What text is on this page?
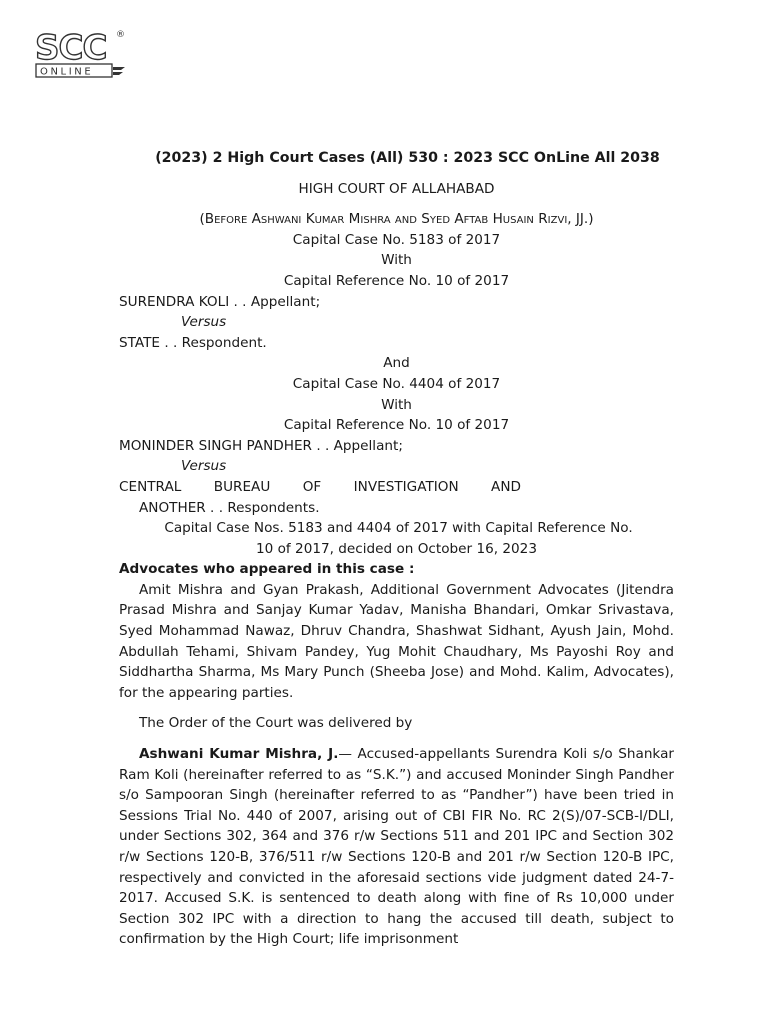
SCC ®
ONLINE
(2023) 2 High Court Cases (All) 530 : 2023 SCC OnLine All 2038
HIGH COURT OF ALLAHABAD
(Before Ashwani Kumar Mishra and Syed Aftab Husain Rizvi, JJ.)
Capital Case No. 5183 of 2017
With
Capital Reference No. 10 of 2017
SURENDRA KOLI . . Appellant;
Versus
STATE . . Respondent.
And
Capital Case No. 4404 of 2017
With
Capital Reference No. 10 of 2017
MONINDER SINGH PANDHER . . Appellant;
Versus
CENTRAL BUREAU OF INVESTIGATION AND
ANOTHER . . Respondents.
Capital Case Nos. 5183 and 4404 of 2017 with Capital Reference No.
10 of 2017, decided on October 16, 2023
Advocates who appeared in this case :
Amit Mishra and Gyan Prakash, Additional Government Advocates (Jitendra Prasad Mishra and Sanjay Kumar Yadav, Manisha Bhandari, Omkar Srivastava, Syed Mohammad Nawaz, Dhruv Chandra, Shashwat Sidhant, Ayush Jain, Mohd. Abdullah Tehami, Shivam Pandey, Yug Mohit Chaudhary, Ms Payoshi Roy and Siddhartha Sharma, Ms Mary Punch (Sheeba Jose) and Mohd. Kalim, Advocates), for the appearing parties.
The Order of the Court was delivered by
Ashwani Kumar Mishra, J.— Accused-appellants Surendra Koli s/o Shankar Ram Koli (hereinafter referred to as “S.K.”) and accused Moninder Singh Pandher s/o Sampooran Singh (hereinafter referred to as “Pandher”) have been tried in Sessions Trial No. 440 of 2007, arising out of CBI FIR No. RC 2(S)/07-SCB-I/DLI, under Sections 302, 364 and 376 r/w Sections 511 and 201 IPC and Section 302 r/w Sections 120-B, 376/511 r/w Sections 120-B and 201 r/w Section 120-B IPC, respectively and convicted in the aforesaid sections vide judgment dated 24-7-2017. Accused S.K. is sentenced to death along with fine of Rs 10,000 under Section 302 IPC with a direction to hang the accused till death, subject to confirmation by the High Court; life imprisonment
